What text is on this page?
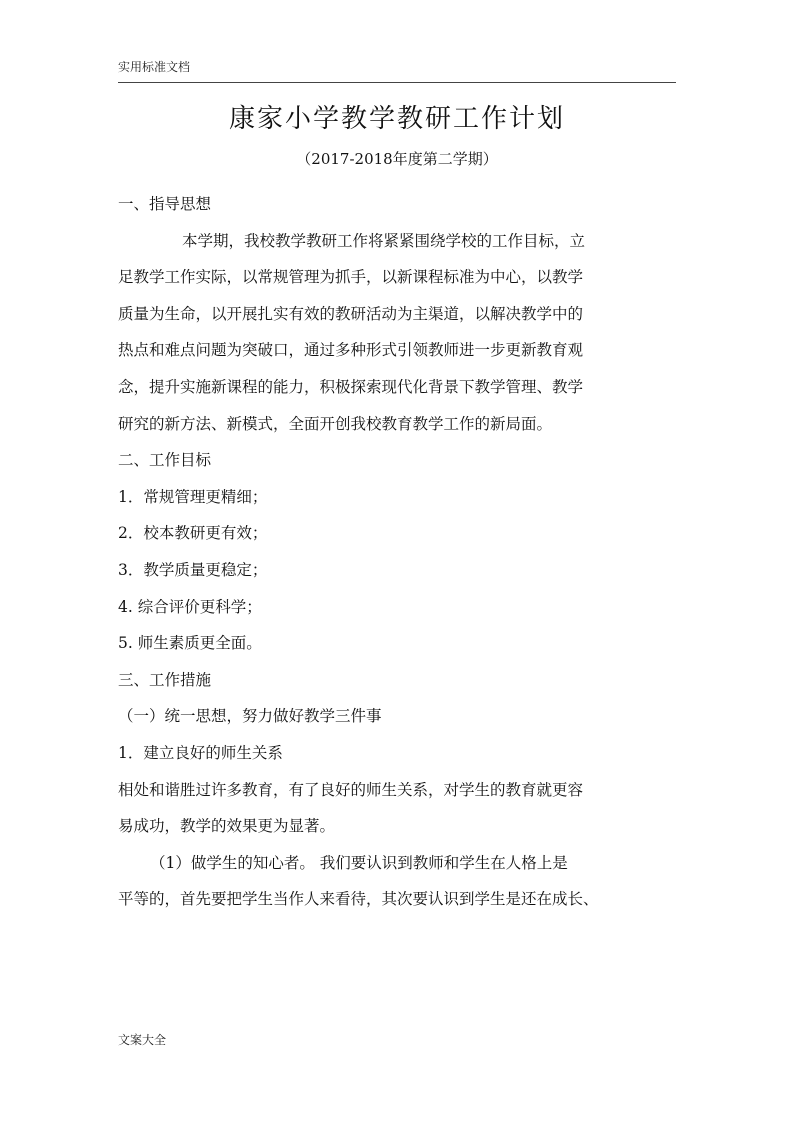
实用标准文档
康家小学教学教研工作计划
（2017-2018年度第二学期）

一、指导思想

本学期，我校教学教研工作将紧紧围绕学校的工作目标，立

足教学工作实际，以常规管理为抓手，以新课程标准为中心，以教学

质量为生命，以开展扎实有效的教研活动为主渠道，以解决教学中的

热点和难点问题为突破口，通过多种形式引领教师进一步更新教育观

念，提升实施新课程的能力，积极探索现代化背景下教学管理、教学

研究的新方法、新模式，全面开创我校教育教学工作的新局面。

二、工作目标

1．常规管理更精细；

2．校本教研更有效；

3．教学质量更稳定；

4. 综合评价更科学；

5. 师生素质更全面。

三、工作措施

（一）统一思想，努力做好教学三件事

1．建立良好的师生关系

相处和谐胜过许多教育，有了良好的师生关系，对学生的教育就更容

易成功，教学的效果更为显著。

（1）做学生的知心者。 我们要认识到教师和学生在人格上是

平等的，首先要把学生当作人来看待，其次要认识到学生是还在成长、

文案大全
